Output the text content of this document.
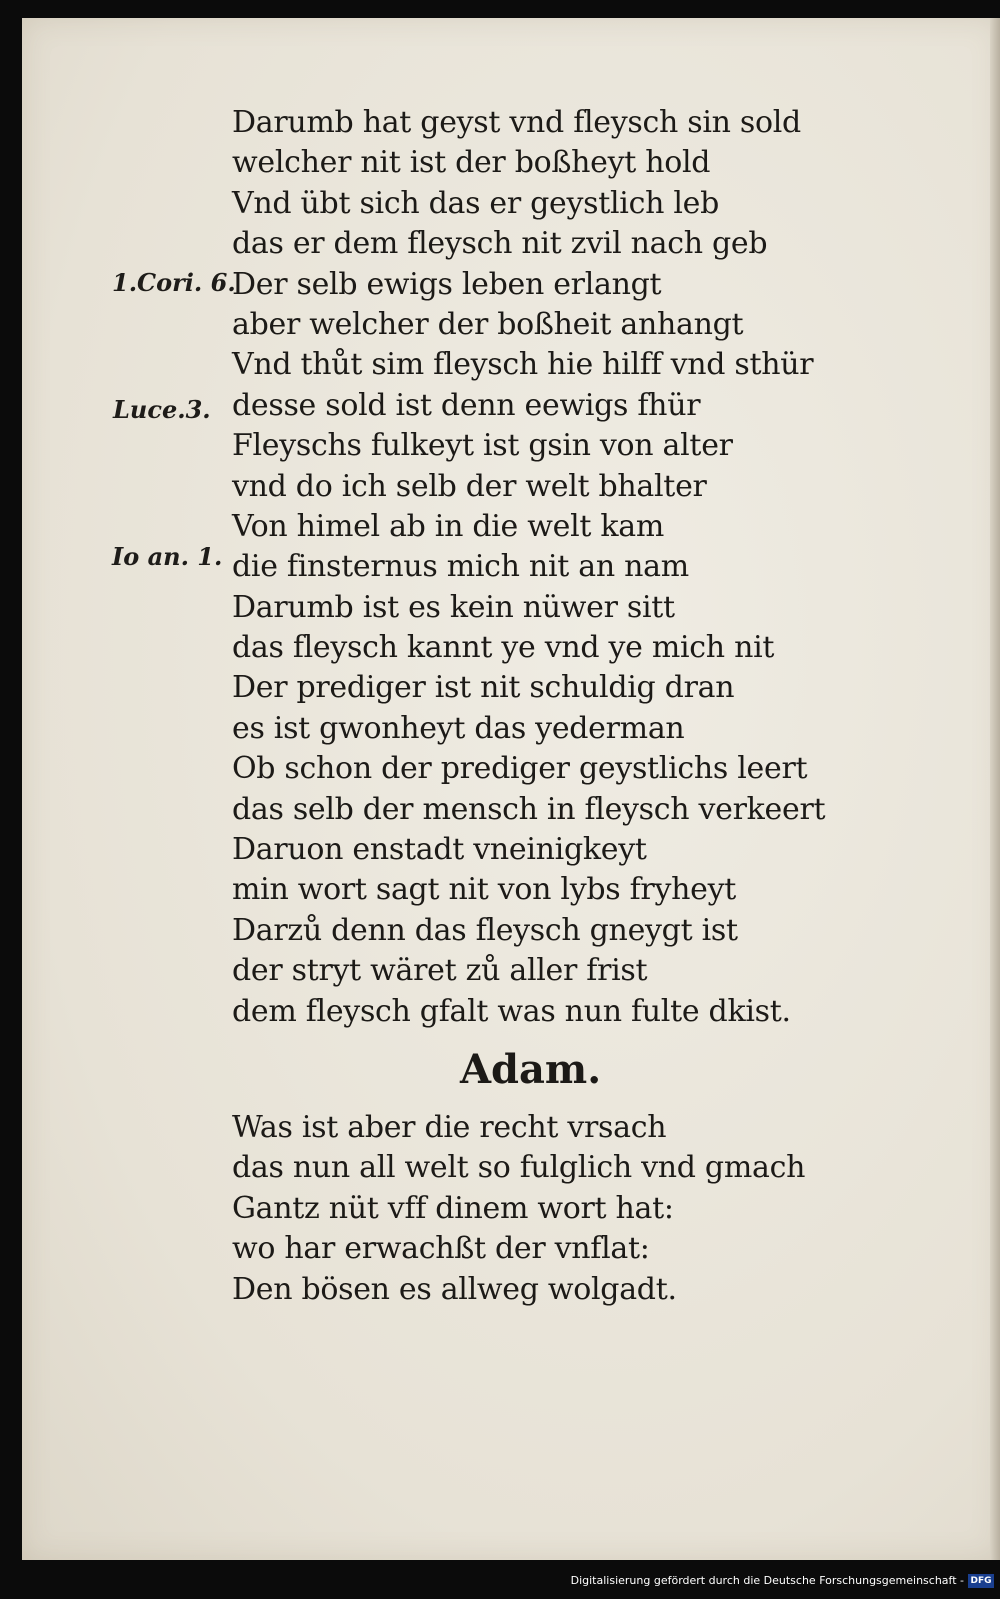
Darumb hat geyst vnd fleysch sin sold
welcher nit ist der boßheyt hold
Vnd übt sich das er geystlich leb
das er dem fleysch nit zvil nach geb
Der selb ewigs leben erlangt
aber welcher der boßheit anhangt
Vnd thůt sim fleysch hie hilff vnd sthür
desse sold ist denn eewigs fhür
Fleyschs fulkeyt ist gsin von alter
vnd do ich selb der welt bhalter
Von himel ab in die welt kam
die finsternus mich nit an nam
Darumb ist es kein nüwer sitt
das fleysch kannt ye vnd ye mich nit
Der prediger ist nit schuldig dran
es ist gwonheyt das yederman
Ob schon der prediger geystlichs leert
das selb der mensch in fleysch verkeert
Daruon enstadt vneinigkeyt
min wort sagt nit von lybs fryheyt
Darzů denn das fleysch gneygt ist
der stryt wäret zů aller frist
dem fleysch gfalt was nun fulte dkist.
Adam.
Was ist aber die recht vrsach
das nun all welt so fulglich vnd gmach
Gantz nüt vff dinem wort hat:
wo har erwachßt der vnflat:
Den bösen es allweg wolgadt.
1.Cori. 6.
Luce.3.
Io an. 1.
Digitalisierung gefördert durch die Deutsche Forschungsgemeinschaft - DFG
